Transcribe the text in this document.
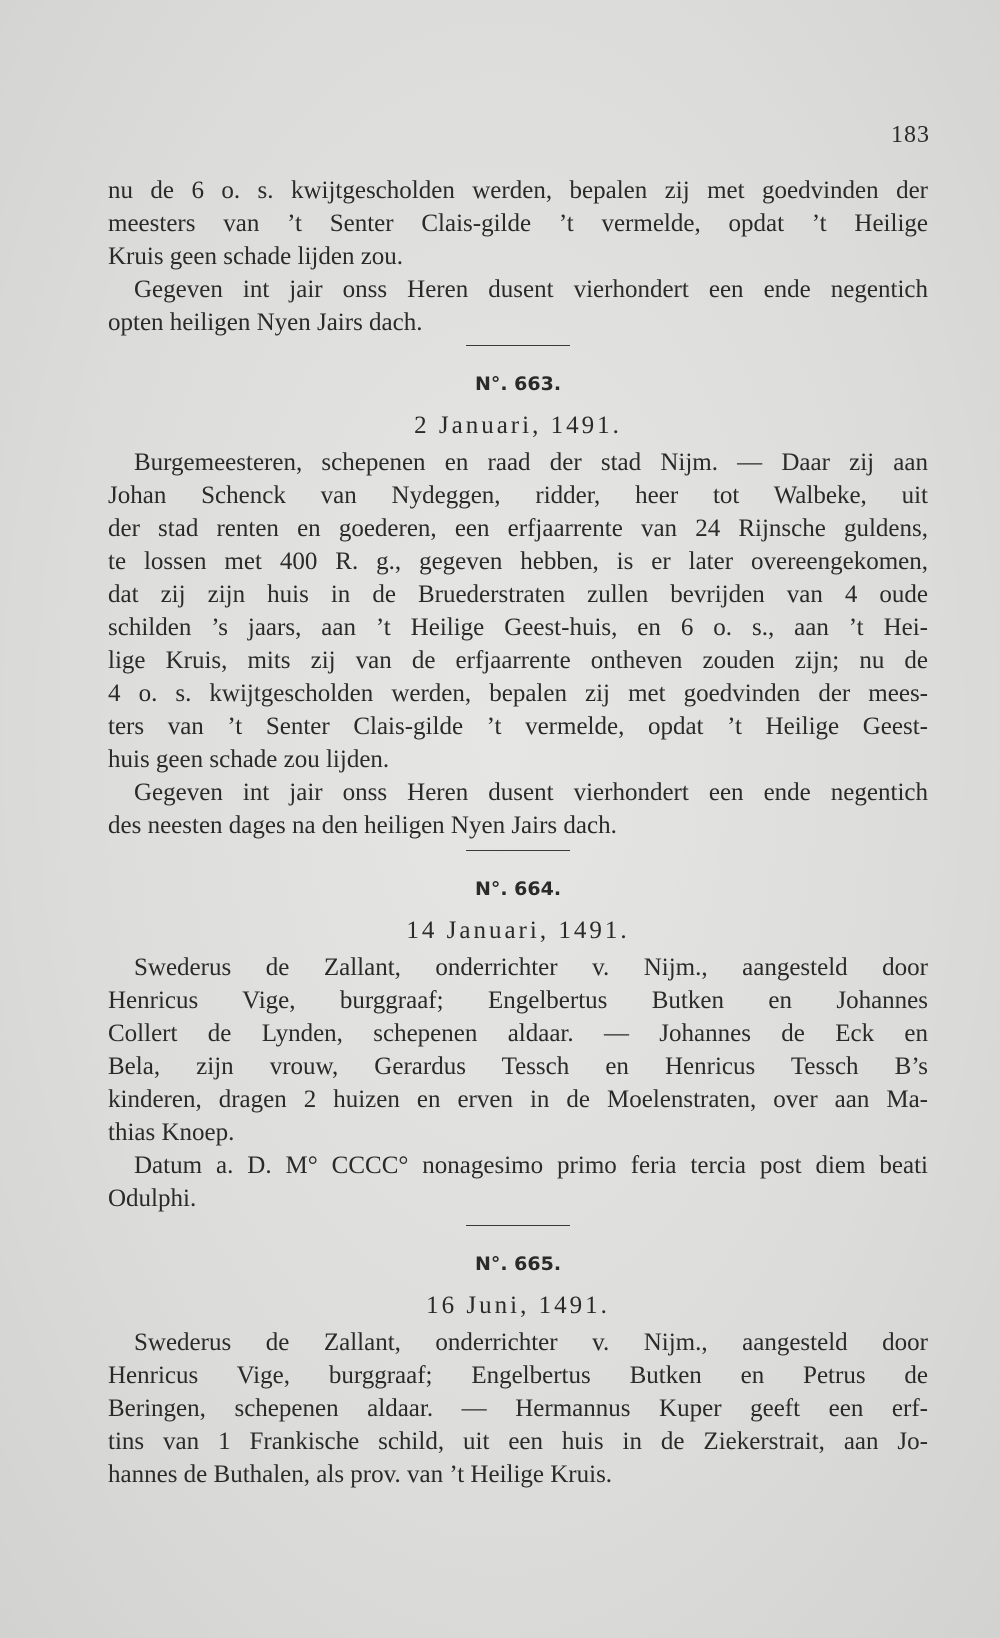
183

nu de 6 o. s. kwijtgescholden werden, bepalen zij met goedvinden der

meesters van ’t Senter Clais-gilde ’t vermelde, opdat ’t Heilige

Kruis geen schade lijden zou.

Gegeven int jair onss Heren dusent vierhondert een ende negentich

opten heiligen Nyen Jairs dach.

N°. 663.
2 Januari, 1491.

Burgemeesteren, schepenen en raad der stad Nijm. — Daar zij aan

Johan Schenck van Nydeggen, ridder, heer tot Walbeke, uit

der stad renten en goederen, een erfjaarrente van 24 Rijnsche guldens,

te lossen met 400 R. g., gegeven hebben, is er later overeengekomen,

dat zij zijn huis in de Bruederstraten zullen bevrijden van 4 oude

schilden ’s jaars, aan ’t Heilige Geest-huis, en 6 o. s., aan ’t Hei-

lige Kruis, mits zij van de erfjaarrente ontheven zouden zijn; nu de

4 o. s. kwijtgescholden werden, bepalen zij met goedvinden der mees-

ters van ’t Senter Clais-gilde ’t vermelde, opdat ’t Heilige Geest-

huis geen schade zou lijden.

Gegeven int jair onss Heren dusent vierhondert een ende negentich

des neesten dages na den heiligen Nyen Jairs dach.

N°. 664.
14 Januari, 1491.

Swederus de Zallant, onderrichter v. Nijm., aangesteld door

Henricus Vige, burggraaf; Engelbertus Butken en Johannes

Collert de Lynden, schepenen aldaar. — Johannes de Eck en

Bela, zijn vrouw, Gerardus Tessch en Henricus Tessch B’s

kinderen, dragen 2 huizen en erven in de Moelenstraten, over aan Ma-

thias Knoep.

Datum a. D. M° CCCC° nonagesimo primo feria tercia post diem beati

Odulphi.

N°. 665.
16 Juni, 1491.

Swederus de Zallant, onderrichter v. Nijm., aangesteld door

Henricus Vige, burggraaf; Engelbertus Butken en Petrus de

Beringen, schepenen aldaar. — Hermannus Kuper geeft een erf-

tins van 1 Frankische schild, uit een huis in de Ziekerstrait, aan Jo-

hannes de Buthalen, als prov. van ’t Heilige Kruis.
